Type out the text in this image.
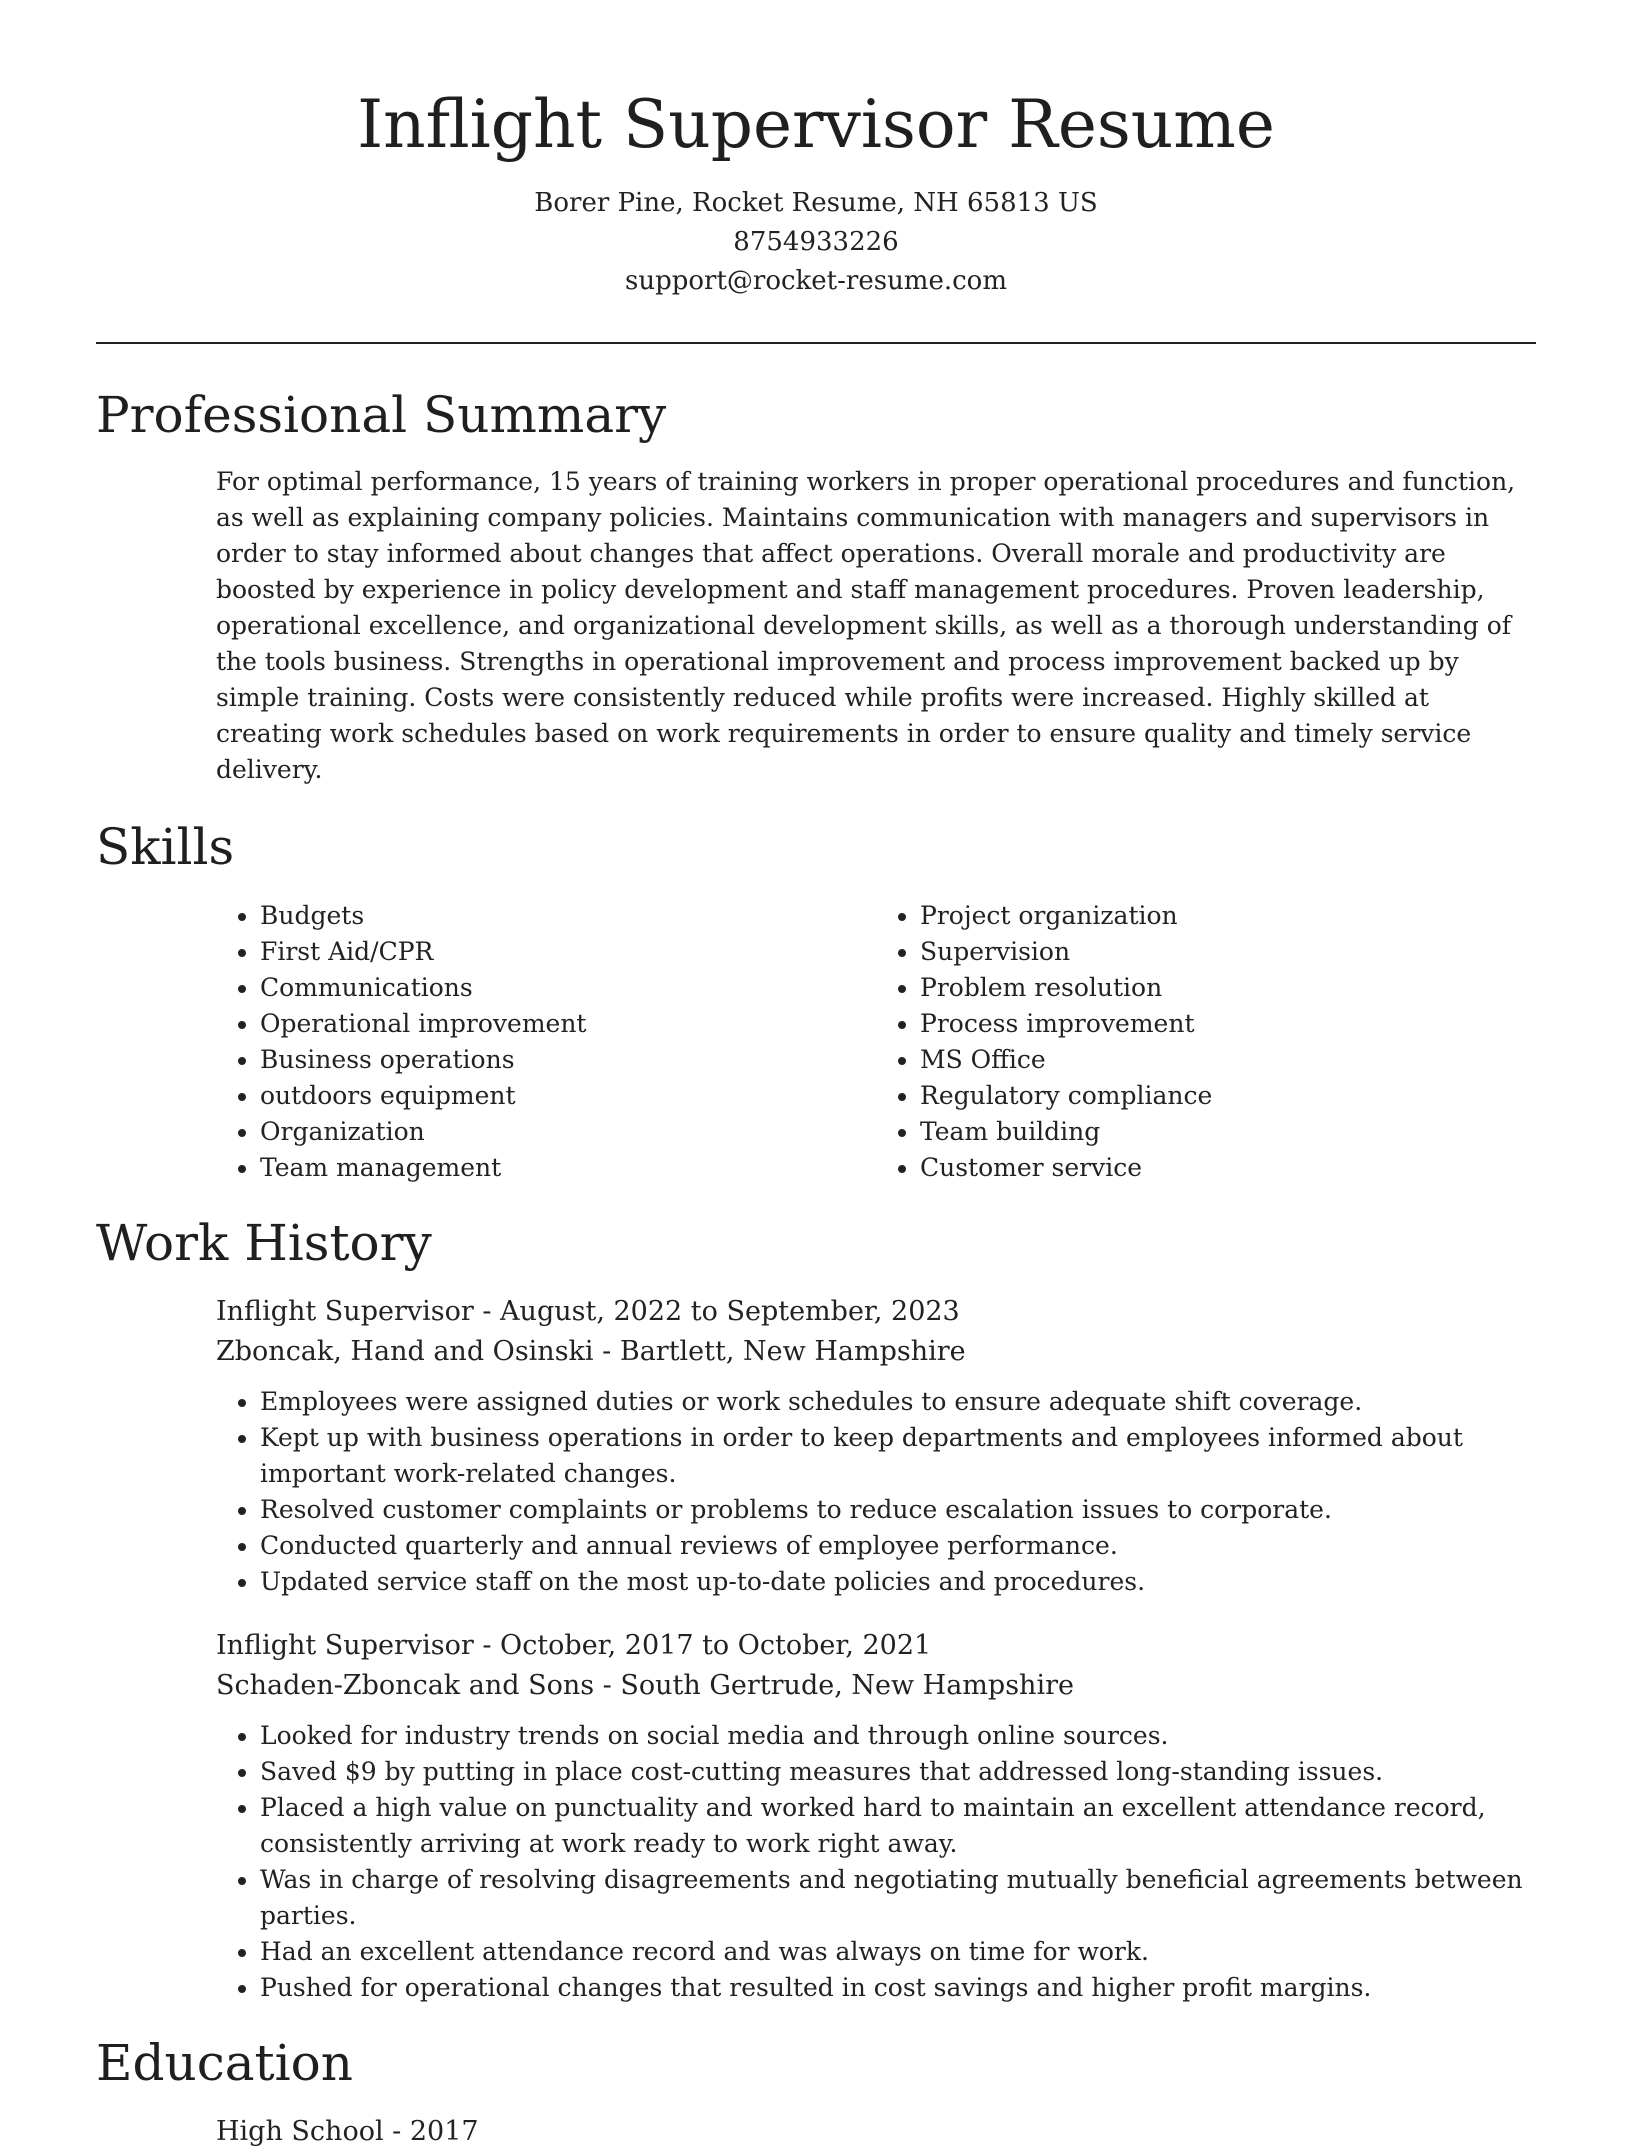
Inflight Supervisor Resume
Borer Pine, Rocket Resume, NH 65813 US
8754933226
support@rocket-resume.com
Professional Summary

For optimal performance, 15 years of training workers in proper operational procedures and function, as well as explaining company policies. Maintains communication with managers and supervisors in order to stay informed about changes that affect operations. Overall morale and productivity are boosted by experience in policy development and staff management procedures. Proven leadership, operational excellence, and organizational development skills, as well as a thorough understanding of the tools business. Strengths in operational improvement and process improvement backed up by simple training. Costs were consistently reduced while profits were increased. Highly skilled at creating work schedules based on work requirements in order to ensure quality and timely service delivery.

Skills
• Budgets
• First Aid/CPR
• Communications
• Operational improvement
• Business operations
• outdoors equipment
• Organization
• Team management
• Project organization
• Supervision
• Problem resolution
• Process improvement
• MS Office
• Regulatory compliance
• Team building
• Customer service
Work History
Inflight Supervisor - August, 2022 to September, 2023
Zboncak, Hand and Osinski - Bartlett, New Hampshire
• Employees were assigned duties or work schedules to ensure adequate shift coverage.
• Kept up with business operations in order to keep departments and employees informed about important work-related changes.
• Resolved customer complaints or problems to reduce escalation issues to corporate.
• Conducted quarterly and annual reviews of employee performance.
• Updated service staff on the most up-to-date policies and procedures.
Inflight Supervisor - October, 2017 to October, 2021
Schaden-Zboncak and Sons - South Gertrude, New Hampshire
• Looked for industry trends on social media and through online sources.
• Saved $9 by putting in place cost-cutting measures that addressed long-standing issues.
• Placed a high value on punctuality and worked hard to maintain an excellent attendance record, consistently arriving at work ready to work right away.
• Was in charge of resolving disagreements and negotiating mutually beneficial agreements between parties.
• Had an excellent attendance record and was always on time for work.
• Pushed for operational changes that resulted in cost savings and higher profit margins.
Education
High School - 2017
